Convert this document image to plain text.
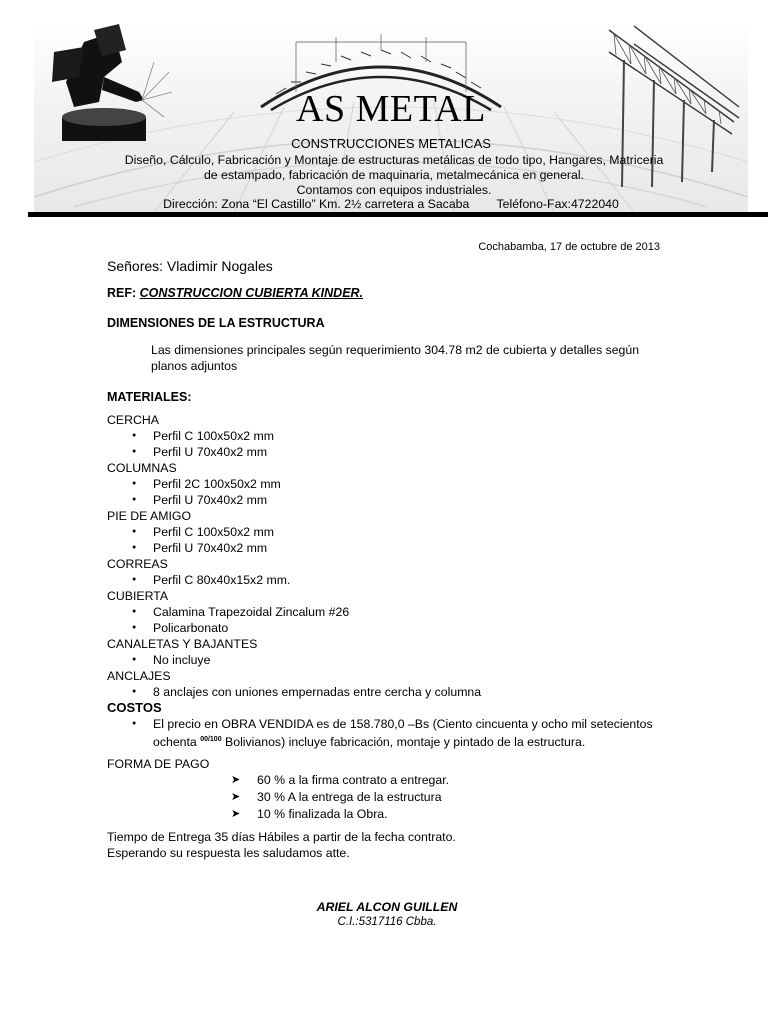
AS METAL
CONSTRUCCIONES METALICAS
Diseño, Cálculo, Fabricación y Montaje de estructuras metálicas de todo tipo, Hangares, Matriceria
de estampado, fabricación de maquinaria, metalmecánica en general.
Contamos con equipos industriales.
Dirección: Zona “El Castillo” Km. 2½ carretera a Sacaba Teléfono-Fax:4722040
Cochabamba, 17 de octubre de 2013
Señores: Vladimir Nogales
REF: CONSTRUCCION CUBIERTA KINDER.
DIMENSIONES DE LA ESTRUCTURA
Las dimensiones principales según requerimiento 304.78 m2 de cubierta y detalles según planos adjuntos
MATERIALES:
CERCHA
● Perfil C 100x50x2 mm
● Perfil U 70x40x2 mm
COLUMNAS
● Perfil 2C 100x50x2 mm
● Perfil U 70x40x2 mm
PIE DE AMIGO
● Perfil C 100x50x2 mm
● Perfil U 70x40x2 mm
CORREAS
● Perfil C 80x40x15x2 mm.
CUBIERTA
● Calamina Trapezoidal Zincalum #26
● Policarbonato
CANALETAS Y BAJANTES
● No incluye
ANCLAJES
● 8 anclajes con uniones empernadas entre cercha y columna
COSTOS
● El precio en OBRA VENDIDA es de 158.780,0 –Bs (Ciento cincuenta y ocho mil setecientos ochenta $^{00/100}$ Bolivianos) incluye fabricación, montaje y pintado de la estructura.
FORMA DE PAGO
➤ 60 % a la firma contrato a entregar.
➤ 30 % A la entrega de la estructura
➤ 10 % finalizada la Obra.
Tiempo de Entrega 35 días Hábiles a partir de la fecha contrato.
Esperando su respuesta les saludamos atte.
ARIEL ALCON GUILLEN
C.I.:5317116 Cbba.
